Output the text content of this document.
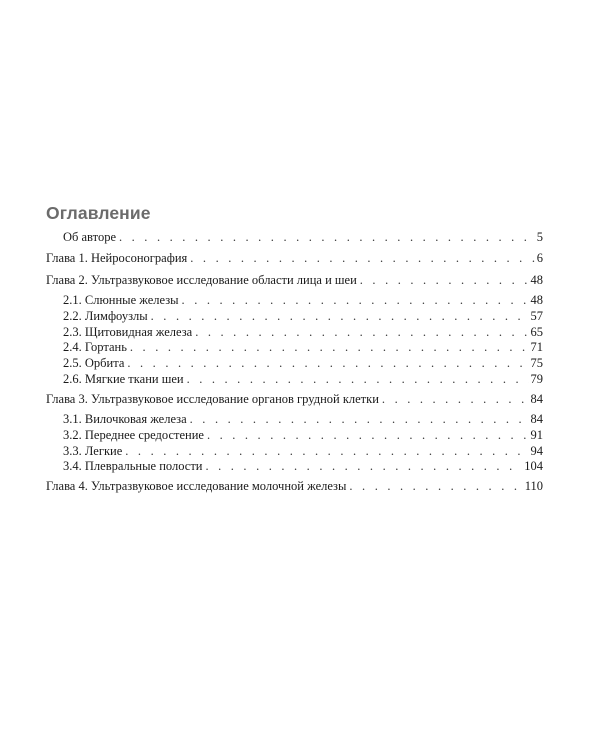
Оглавление
Об авторе . . .	5
Глава 1. Нейросонография . . .	6
Глава 2. Ультразвуковое исследование области лица и шеи . . .	48
2.1. Слюнные железы . . .	48
2.2. Лимфоузлы . . .	57
2.3. Щитовидная железа . . .	65
2.4. Гортань . . .	71
2.5. Орбита . . .	75
2.6. Мягкие ткани шеи . . .	79
Глава 3. Ультразвуковое исследование органов грудной клетки . . .	84
3.1. Вилочковая железа . . .	84
3.2. Переднее средостение . . .	91
3.3. Легкие . . .	94
3.4. Плевральные полости . . .	104
Глава 4. Ультразвуковое исследование молочной железы . . .	110
